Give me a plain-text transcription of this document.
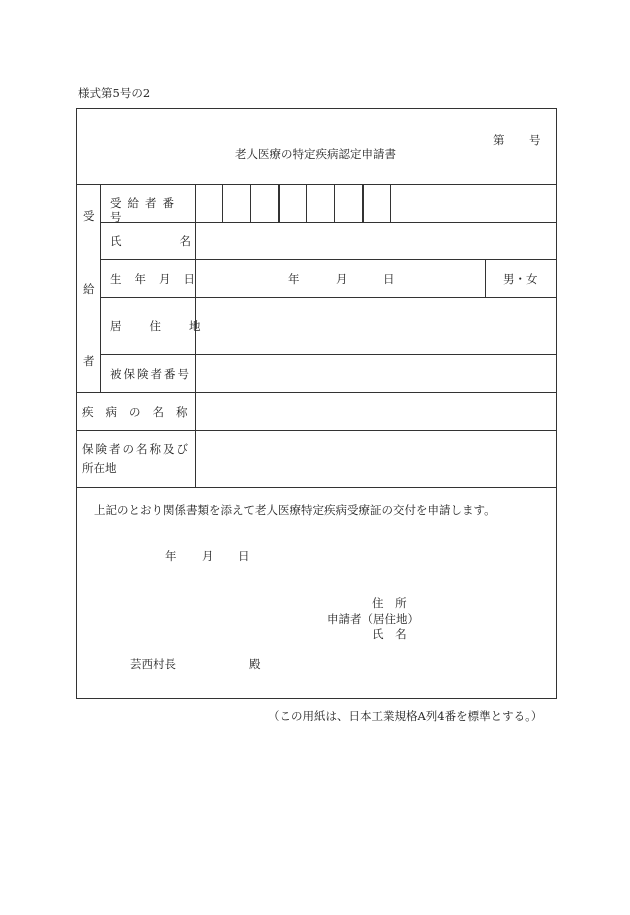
様式第5号の2
第 号
老人医療の特定疾病認定申請書
受
給
者
受給者番号
氏名
生年月日	年	月	日	男・女
居住地
被保険者番号
疾病の名称
保険者の名称及び
所在地
上記のとおり関係書類を添えて老人医療特定疾病受療証の交付を申請します。
年 月 日
住 所
申請者（居住地）
氏 名
芸西村長	殿
（この用紙は、日本工業規格A列4番を標準とする。）
